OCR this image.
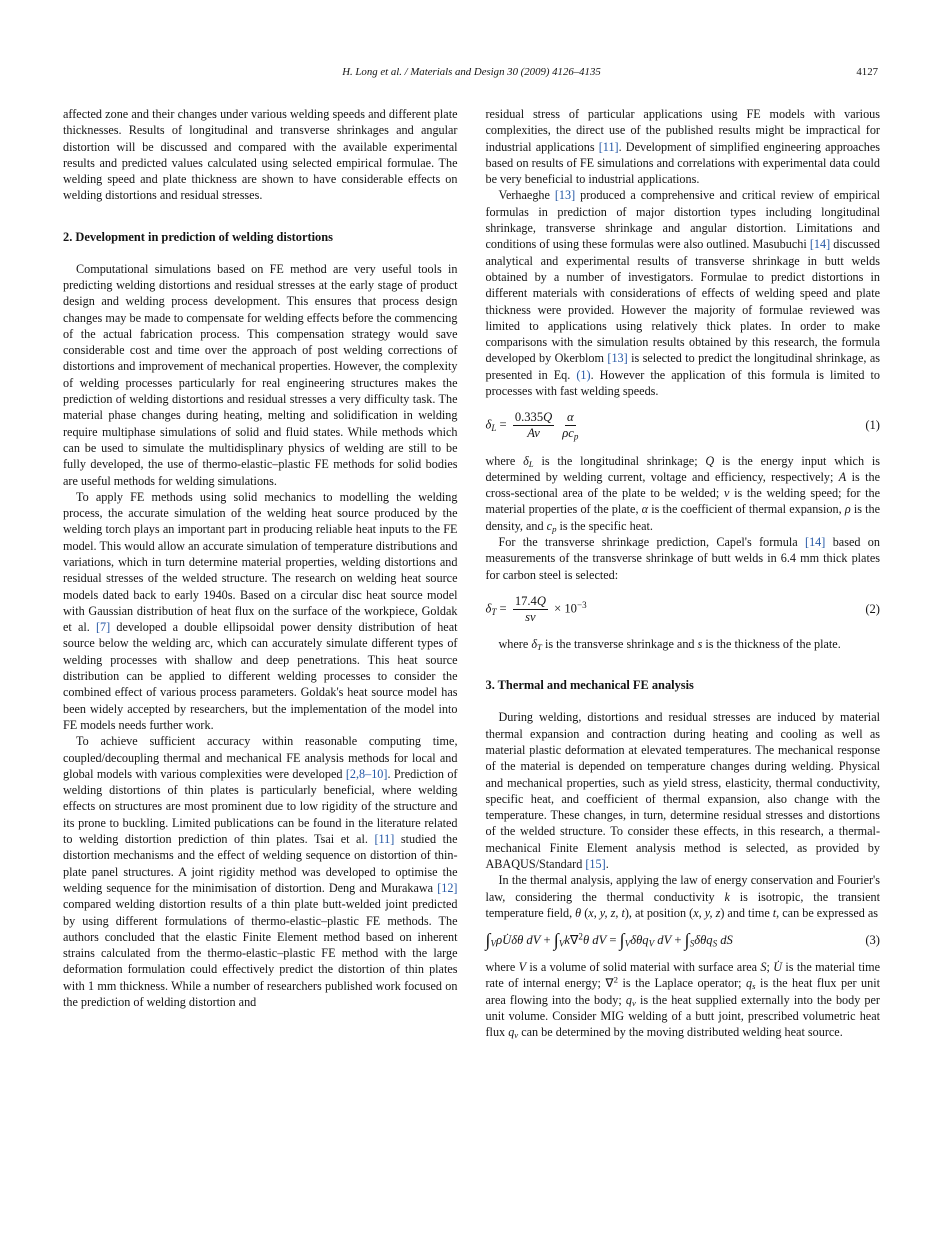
H. Long et al. / Materials and Design 30 (2009) 4126–4135	4127

affected zone and their changes under various welding speeds and different plate thicknesses. Results of longitudinal and transverse shrinkages and angular distortion will be discussed and compared with the available experimental results and predicted values calculated using selected empirical formulae. The welding speed and plate thickness are shown to have considerable effects on welding distortions and residual stresses.

2. Development in prediction of welding distortions

Computational simulations based on FE method are very useful tools in predicting welding distortions and residual stresses at the early stage of product design and welding process development. This ensures that process design changes may be made to compensate for welding effects before the commencing of the actual fabrication process. This compensation strategy would save considerable cost and time over the approach of post welding corrections of distortions and improvement of mechanical properties. However, the complexity of welding processes particularly for real engineering structures makes the prediction of welding distortions and residual stresses a very difficulty task. The material phase changes during heating, melting and solidification in welding require multiphase simulations of solid and fluid states. While methods which can be used to simulate the multidisplinary physics of welding are still to be fully developed, the use of thermo-elastic–plastic FE methods for solid bodies are useful methods for welding simulations.

To apply FE methods using solid mechanics to modelling the welding process, the accurate simulation of the welding heat source produced by the welding torch plays an important part in producing reliable heat inputs to the FE model. This would allow an accurate simulation of temperature distributions and variations, which in turn determine material properties, welding distortions and residual stresses of the welded structure. The research on welding heat source models dated back to early 1940s. Based on a circular disc heat source model with Gaussian distribution of heat flux on the surface of the workpiece, Goldak et al. [7] developed a double ellipsoidal power density distribution of heat source below the welding arc, which can accurately simulate different types of welding processes with shallow and deep penetrations. This heat source distribution can be applied to different welding processes to consider the combined effect of various process parameters. Goldak's heat source model has been widely accepted by researchers, but the implementation of the model into FE models needs further work.

To achieve sufficient accuracy within reasonable computing time, coupled/decoupling thermal and mechanical FE analysis methods for local and global models with various complexities were developed [2,8–10]. Prediction of welding distortions of thin plates is particularly beneficial, where welding effects on structures are most prominent due to low rigidity of the structure and its prone to buckling. Limited publications can be found in the literature related to welding distortion prediction of thin plates. Tsai et al. [11] studied the distortion mechanisms and the effect of welding sequence on distortion of thin-plate panel structures. A joint rigidity method was developed to optimise the welding sequence for the minimisation of distortion. Deng and Murakawa [12] compared welding distortion results of a thin plate butt-welded joint predicted by using different formulations of thermo-elastic–plastic FE methods. The authors concluded that the elastic Finite Element method based on inherent strains calculated from the thermo-elastic–plastic FE method with the large deformation formulation could effectively predict the distortion of thin plates with 1 mm thickness. While a number of researchers published work focused on the prediction of welding distortion and

residual stress of particular applications using FE models with various complexities, the direct use of the published results might be impractical for industrial applications [11]. Development of simplified engineering approaches based on results of FE simulations and correlations with experimental data could be very beneficial to industrial applications.

Verhaeghe [13] produced a comprehensive and critical review of empirical formulas in prediction of major distortion types including longitudinal shrinkage, transverse shrinkage and angular distortion. Limitations and conditions of using these formulas were also outlined. Masubuchi [14] discussed analytical and experimental results of transverse shrinkage in butt welds obtained by a number of investigators. Formulae to predict distortions in different materials with considerations of effects of welding speed and plate thickness were provided. However the majority of formulae reviewed was limited to applications using relatively thick plates. In order to make comparisons with the simulation results obtained by this research, the formula developed by Okerblom [13] is selected to predict the longitudinal shrinkage, as presented in Eq. (1). However the application of this formula is limited to processes with fast welding speeds.

$\delta L = \frac{0.335Q}{Av} \frac{\alpha}{\text{ρcp}}$	(1)

where δL is the longitudinal shrinkage; Q is the energy input which is determined by welding current, voltage and efficiency, respectively; A is the cross-sectional area of the plate to be welded; v is the welding speed; for the material properties of the plate, α is the coefficient of thermal expansion, ρ is the density, and cp is the specific heat.

For the transverse shrinkage prediction, Capel's formula [14] based on measurements of the transverse shrinkage of butt welds in 6.4 mm thick plates for carbon steel is selected:

$\delta T = \frac{17.4Q}{sv} \times 10^{-3}$	(2)

where δT is the transverse shrinkage and s is the thickness of the plate.

3. Thermal and mechanical FE analysis

During welding, distortions and residual stresses are induced by material thermal expansion and contraction during heating and cooling as well as material plastic deformation at elevated temperatures. The mechanical response of the material is depended on temperature changes during welding. Physical and mechanical properties, such as yield stress, elasticity, thermal conductivity, specific heat, and coefficient of thermal expansion, also change with the temperature. These changes, in turn, determine residual stresses and distortions of the welded structure. To consider these effects, in this research, a thermal-mechanical Finite Element analysis method is selected, as provided by ABAQUS/Standard [15].

In the thermal analysis, applying the law of energy conservation and Fourier's law, considering the thermal conductivity k is isotropic, the transient temperature field, θ (x, y, z, t), at position (x, y, z) and time t, can be expressed as

∫VρU̇δθ dV + ∫Vk∇$^2$θ dV = ∫VδθqV dV + ∫SδθqS dS	(3)

where V is a volume of solid material with surface area S; U̇ is the material time rate of internal energy; ∇$^2$ is the Laplace operator; qs is the heat flux per unit area flowing into the body; qv is the heat supplied externally into the body per unit volume. Consider MIG welding of a butt joint, prescribed volumetric heat flux qv can be determined by the moving distributed welding heat source.
